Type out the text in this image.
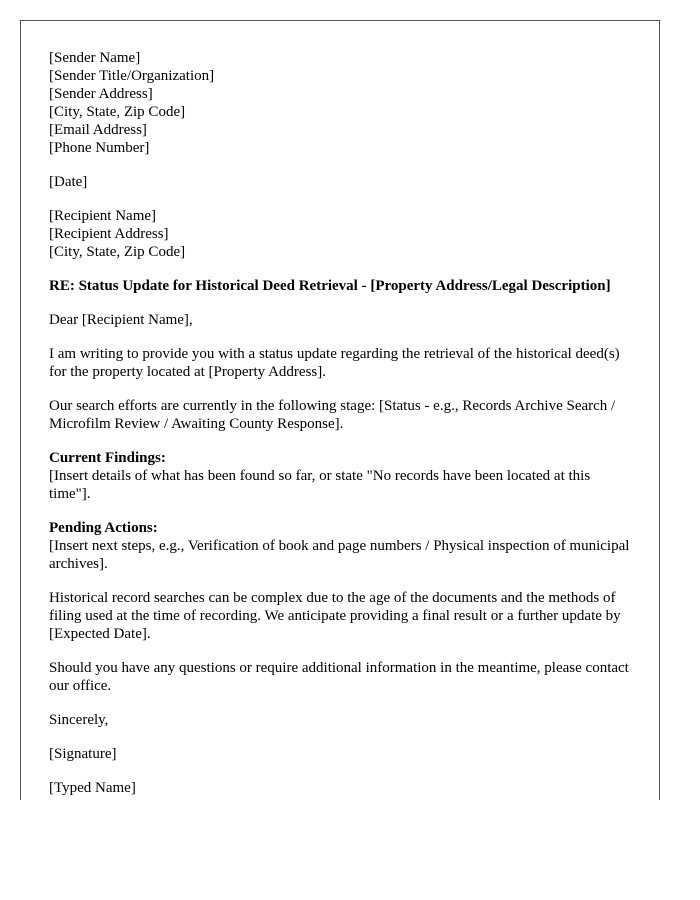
[Sender Name]
[Sender Title/Organization]
[Sender Address]
[City, State, Zip Code]
[Email Address]
[Phone Number]
[Date]
[Recipient Name]
[Recipient Address]
[City, State, Zip Code]
RE: Status Update for Historical Deed Retrieval - [Property Address/Legal Description]
Dear [Recipient Name],
I am writing to provide you with a status update regarding the retrieval of the historical deed(s) for the property located at [Property Address].
Our search efforts are currently in the following stage: [Status - e.g., Records Archive Search / Microfilm Review / Awaiting County Response].
Current Findings:
[Insert details of what has been found so far, or state "No records have been located at this time"].
Pending Actions:
[Insert next steps, e.g., Verification of book and page numbers / Physical inspection of municipal archives].
Historical record searches can be complex due to the age of the documents and the methods of filing used at the time of recording. We anticipate providing a final result or a further update by [Expected Date].
Should you have any questions or require additional information in the meantime, please contact our office.
Sincerely,
[Signature]
[Typed Name]
